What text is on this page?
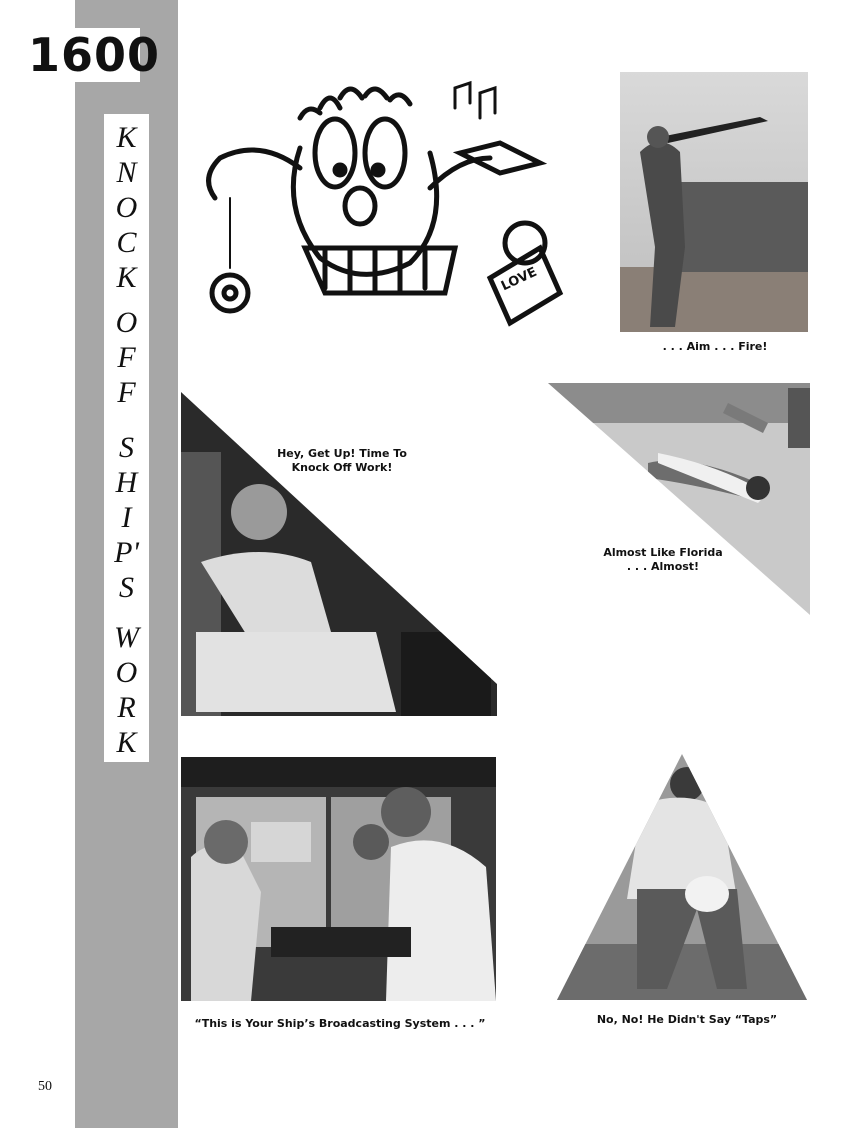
1600
K
N
O
C
K
O
F
F
S
H
I
P'
S
W
O
R
K
LOVE
. . . Aim . . . Fire!
Hey, Get Up! Time To
Knock Off Work!
Almost Like Florida
. . . Almost!
“This is Your Ship’s Broadcasting System . . . ”	No, No! He Didn't Say “Taps”
50
